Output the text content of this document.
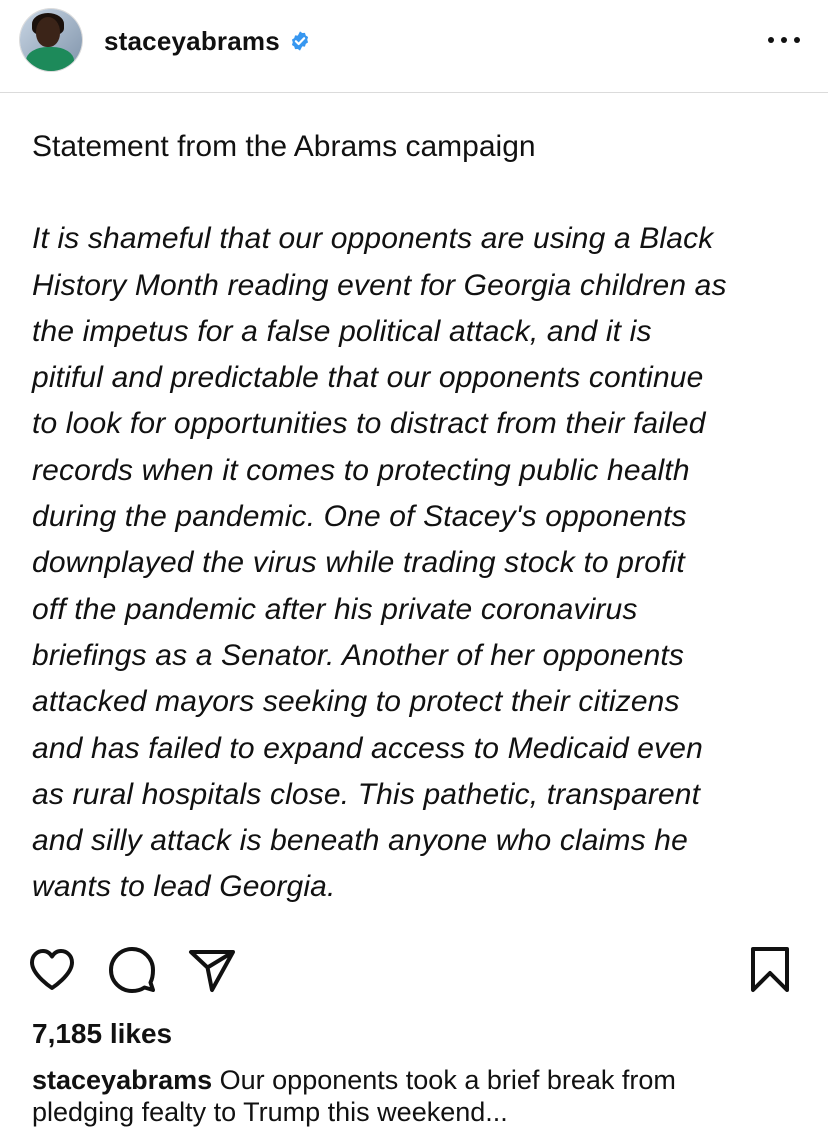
staceyabrams

Statement from the Abrams campaign

It is shameful that our opponents are using a Black
History Month reading event for Georgia children as
the impetus for a false political attack, and it is
pitiful and predictable that our opponents continue
to look for opportunities to distract from their failed
records when it comes to protecting public health
during the pandemic. One of Stacey's opponents
downplayed the virus while trading stock to profit
off the pandemic after his private coronavirus
briefings as a Senator. Another of her opponents
attacked mayors seeking to protect their citizens
and has failed to expand access to Medicaid even
as rural hospitals close. This pathetic, transparent
and silly attack is beneath anyone who claims he
wants to lead Georgia.

7,185 likes
staceyabrams Our opponents took a brief break from
pledging fealty to Trump this weekend...
